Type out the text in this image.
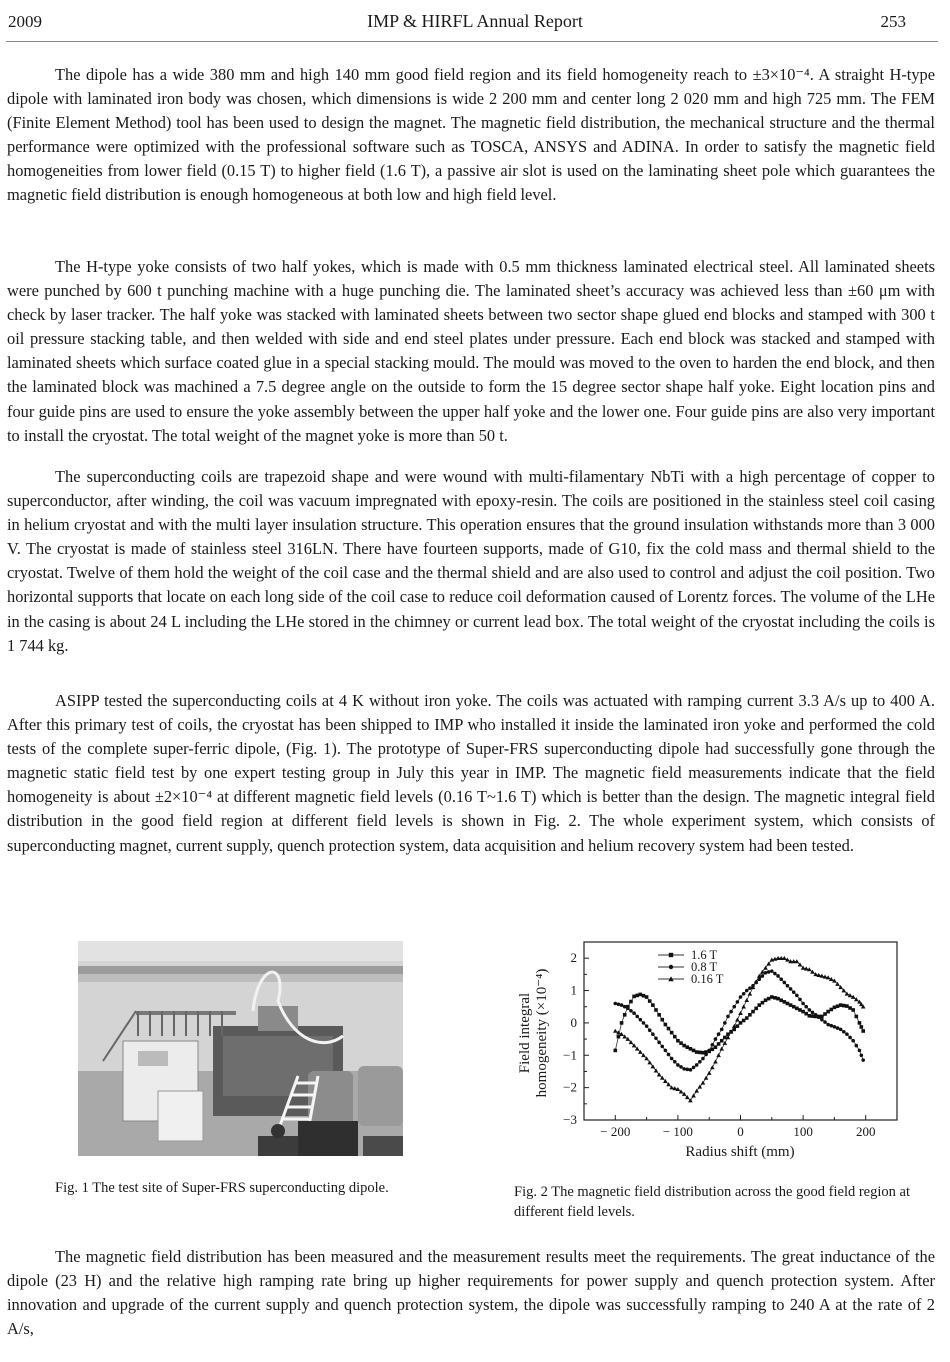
2009	IMP & HIRFL Annual Report	253

The dipole has a wide 380 mm and high 140 mm good field region and its field homogeneity reach to ±3×10⁻⁴. A straight H-type dipole with laminated iron body was chosen, which dimensions is wide 2 200 mm and center long 2 020 mm and high 725 mm. The FEM (Finite Element Method) tool has been used to design the magnet. The magnetic field distribution, the mechanical structure and the thermal performance were optimized with the professional software such as TOSCA, ANSYS and ADINA. In order to satisfy the magnetic field homogeneities from lower field (0.15 T) to higher field (1.6 T), a passive air slot is used on the laminating sheet pole which guarantees the magnetic field distribution is enough homogeneous at both low and high field level.

The H-type yoke consists of two half yokes, which is made with 0.5 mm thickness laminated electrical steel. All laminated sheets were punched by 600 t punching machine with a huge punching die. The laminated sheet’s accuracy was achieved less than ±60 μm with check by laser tracker. The half yoke was stacked with laminated sheets between two sector shape glued end blocks and stamped with 300 t oil pressure stacking table, and then welded with side and end steel plates under pressure. Each end block was stacked and stamped with laminated sheets which surface coated glue in a special stacking mould. The mould was moved to the oven to harden the end block, and then the laminated block was machined a 7.5 degree angle on the outside to form the 15 degree sector shape half yoke. Eight location pins and four guide pins are used to ensure the yoke assembly between the upper half yoke and the lower one. Four guide pins are also very important to install the cryostat. The total weight of the magnet yoke is more than 50 t.

The superconducting coils are trapezoid shape and were wound with multi-filamentary NbTi with a high percentage of copper to superconductor, after winding, the coil was vacuum impregnated with epoxy-resin. The coils are positioned in the stainless steel coil casing in helium cryostat and with the multi layer insulation structure. This operation ensures that the ground insulation withstands more than 3 000 V. The cryostat is made of stainless steel 316LN. There have fourteen supports, made of G10, fix the cold mass and thermal shield to the cryostat. Twelve of them hold the weight of the coil case and the thermal shield and are also used to control and adjust the coil position. Two horizontal supports that locate on each long side of the coil case to reduce coil deformation caused of Lorentz forces. The volume of the LHe in the casing is about 24 L including the LHe stored in the chimney or current lead box. The total weight of the cryostat including the coils is 1 744 kg.

ASIPP tested the superconducting coils at 4 K without iron yoke. The coils was actuated with ramping current 3.3 A/s up to 400 A. After this primary test of coils, the cryostat has been shipped to IMP who installed it inside the laminated iron yoke and performed the cold tests of the complete super-ferric dipole, (Fig. 1). The prototype of Super-FRS superconducting dipole had successfully gone through the magnetic static field test by one expert testing group in July this year in IMP. The magnetic field measurements indicate that the field homogeneity is about ±2×10⁻⁴ at different magnetic field levels (0.16 T~1.6 T) which is better than the design. The magnetic integral field distribution in the good field region at different field levels is shown in Fig. 2. The whole experiment system, which consists of superconducting magnet, current supply, quench protection system, data acquisition and helium recovery system had been tested.

− 200	− 100	0	100	200
−3
−2
−1
0
1
2	1.6 T
0.8 T
0.16 T
Radius shift (mm)
Field integral homogeneity (×10⁻⁴)
Fig. 1 The test site of Super-FRS superconducting dipole.	Fig. 2 The magnetic field distribution across the good field region at different field levels.

The magnetic field distribution has been measured and the measurement results meet the requirements. The great inductance of the dipole (23 H) and the relative high ramping rate bring up higher requirements for power supply and quench protection system. After innovation and upgrade of the current supply and quench protection system, the dipole was successfully ramping to 240 A at the rate of 2 A/s,
